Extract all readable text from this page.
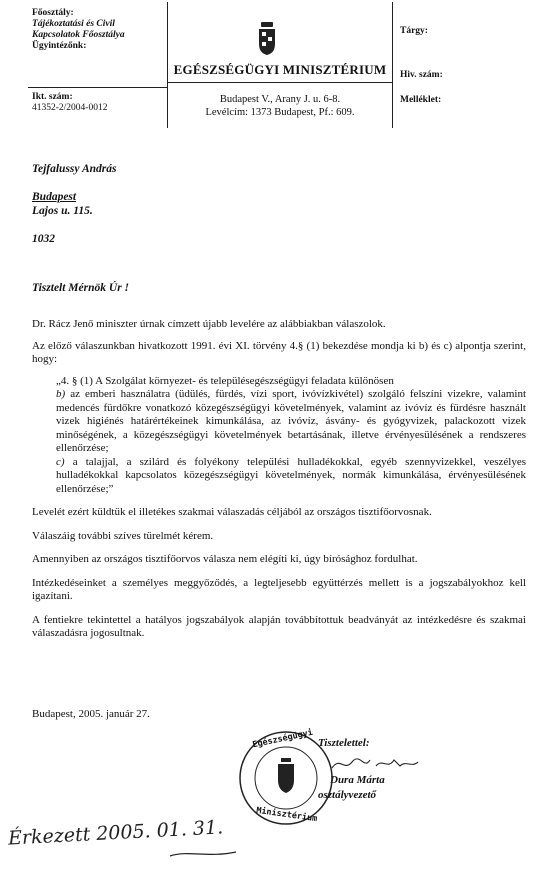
Főosztály:
Tájékoztatási és Civil
Kapcsolatok Főosztálya
Ügyintézőnk:
Ikt. szám:
41352-2/2004-0012
EGÉSZSÉGÜGYI MINISZTÉRIUM
Budapest V., Arany J. u. 6-8.
Levélcím: 1373 Budapest, Pf.: 609.
Tárgy:
Hiv. szám:
Melléklet:
Tejfalussy András
Budapest
Lajos u. 115.
1032
Tisztelt Mérnök Úr !
Dr. Rácz Jenő miniszter úrnak címzett újabb levelére az alábbiakban válaszolok.
Az előző válaszunkban hivatkozott 1991. évi XI. törvény 4.§ (1) bekezdése mondja ki b) és c) alpontja szerint, hogy:
„4. § (1) A Szolgálat környezet- és településegészségügyi feladata különösen
b) az emberi használatra (üdülés, fürdés, vízi sport, ivóvízkivétel) szolgáló felszíni vizekre, valamint medencés fürdőkre vonatkozó közegészségügyi követelmények, valamint az ivóvíz és fürdésre használt vizek higiénés határértékeinek kimunkálása, az ivóvíz, ásvány- és gyógyvizek, palackozott vizek minőségének, a közegészségügyi követelmények betartásának, illetve érvényesülésének a rendszeres ellenőrzése;
c) a talajjal, a szilárd és folyékony települési hulladékokkal, egyéb szennyvizekkel, veszélyes hulladékokkal kapcsolatos közegészségügyi követelmények, normák kimunkálása, érvényesülésének ellenőrzése;”
Levelét ezért küldtük el illetékes szakmai válaszadás céljából az országos tisztifőorvosnak.
Válaszáig további szíves türelmét kérem.
Amennyiben az országos tisztifőorvos válasza nem elégíti ki, úgy bírósághoz fordulhat.
Intézkedéseinket a személyes meggyőződés, a legteljesebb együttérzés mellett is a jogszabályokhoz kell igazítani.
A fentiekre tekintettel a hatályos jogszabályok alapján továbbítottuk beadványát az intézkedésre és szakmai válaszadásra jogosultnak.
Budapest, 2005. január 27.
Tisztelettel:
Dura Márta
osztályvezető
Egészségügyi
Minisztérium
Érkezett 2005. 01. 31.
